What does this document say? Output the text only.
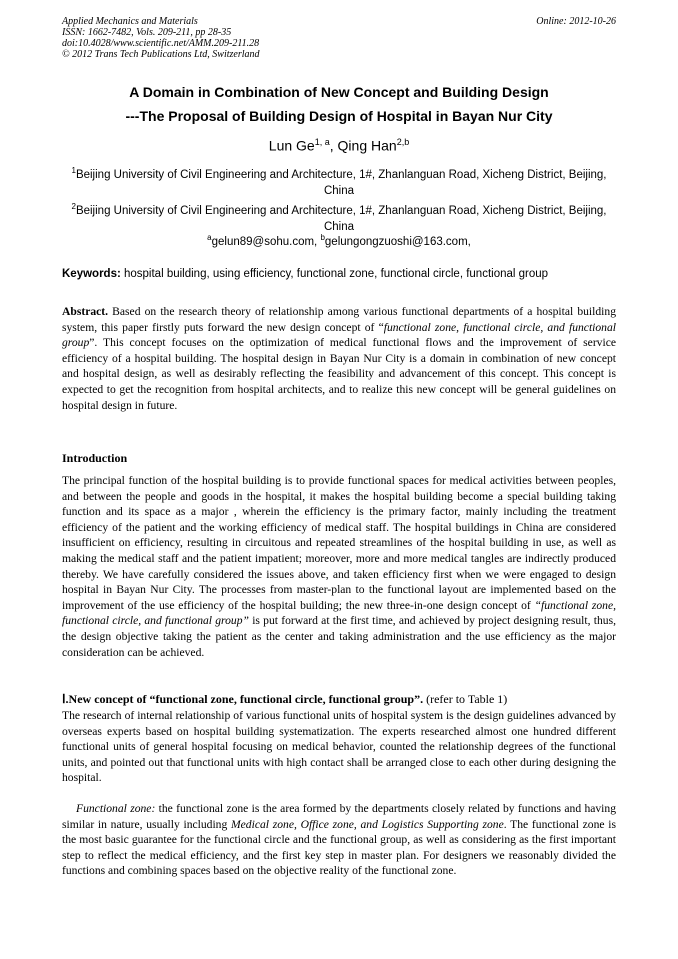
Applied Mechanics and Materials
ISSN: 1662-7482, Vols. 209-211, pp 28-35
doi:10.4028/www.scientific.net/AMM.209-211.28
© 2012 Trans Tech Publications Ltd, Switzerland
Online: 2012-10-26
A Domain in Combination of New Concept and Building Design
---The Proposal of Building Design of Hospital in Bayan Nur City
Lun Ge$^{1, a}$, Qing Han$^{2,b}$
$^1$Beijing University of Civil Engineering and Architecture, 1#, Zhanlanguan Road, Xicheng District, Beijing, China
$^2$Beijing University of Civil Engineering and Architecture, 1#, Zhanlanguan Road, Xicheng District, Beijing, China
$^a$gelun89@sohu.com, $^b$gelungongzuoshi@163.com,
Keywords: hospital building, using efficiency, functional zone, functional circle, functional group

Abstract. Based on the research theory of relationship among various functional departments of a hospital building system, this paper firstly puts forward the new design concept of “functional zone, functional circle, and functional group”. This concept focuses on the optimization of medical functional flows and the improvement of service efficiency of a hospital building. The hospital design in Bayan Nur City is a domain in combination of new concept and hospital design, as well as desirably reflecting the feasibility and advancement of this concept. This concept is expected to get the recognition from hospital architects, and to realize this new concept will be general guidelines on hospital design in future.

Introduction

The principal function of the hospital building is to provide functional spaces for medical activities between peoples, and between the people and goods in the hospital, it makes the hospital building become a special building taking function and its space as a major , wherein the efficiency is the primary factor, mainly including the treatment efficiency of the patient and the working efficiency of medical staff. The hospital buildings in China are considered insufficient on efficiency, resulting in circuitous and repeated streamlines of the hospital building in use, as well as making the medical staff and the patient impatient; moreover, more and more medical tangles are indirectly produced thereby. We have carefully considered the issues above, and taken efficiency first when we were engaged to design hospital in Bayan Nur City. The processes from master-plan to the functional layout are implemented based on the improvement of the use efficiency of the hospital building; the new three-in-one design concept of “functional zone, functional circle, and functional group” is put forward at the first time, and achieved by project designing result, thus, the design objective taking the patient as the center and taking administration and the use efficiency as the major consideration can be achieved.

Ⅰ.New concept of “functional zone, functional circle, functional group”. (refer to Table 1)

The research of internal relationship of various functional units of hospital system is the design guidelines advanced by overseas experts based on hospital building systematization. The experts researched almost one hundred different functional units of general hospital focusing on medical behavior, counted the relationship degrees of the functional units, and pointed out that functional units with high contact shall be arranged close to each other during designing the hospital.

Functional zone: the functional zone is the area formed by the departments closely related by functions and having similar in nature, usually including Medical zone, Office zone, and Logistics Supporting zone. The functional zone is the most basic guarantee for the functional circle and the functional group, as well as considering as the first important step to reflect the medical efficiency, and the first key step in master plan. For designers we reasonably divided the functions and combining spaces based on the objective reality of the functional zone.
